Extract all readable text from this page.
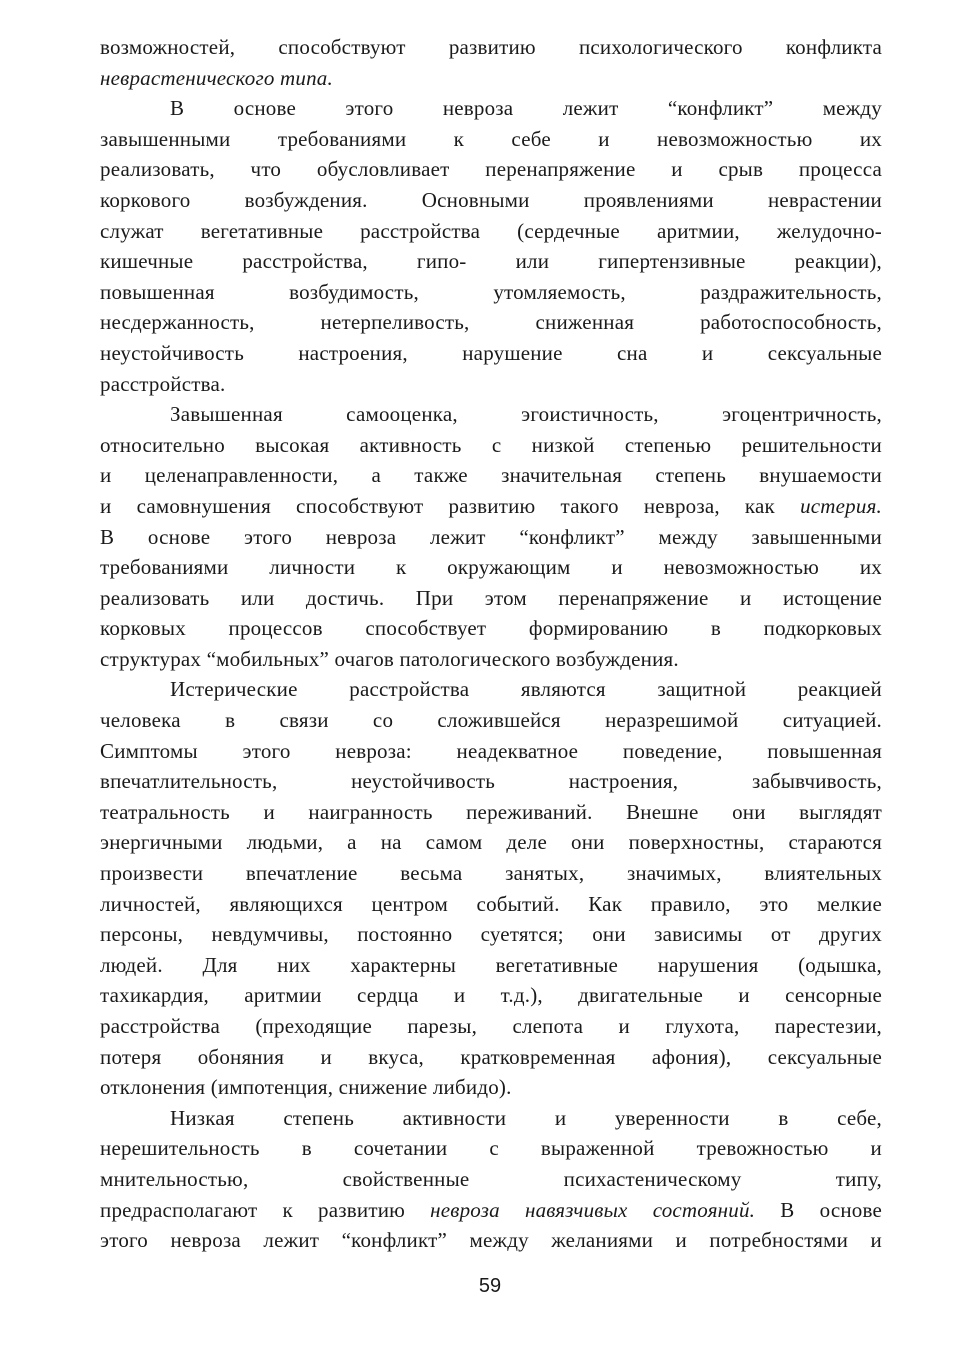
возможностей, способствуют развитию психологического конфликта
неврастенического типа.
В основе этого невроза лежит “конфликт” между
завышенными требованиями к себе и невозможностью их
реализовать, что обусловливает перенапряжение и срыв процесса
коркового возбуждения. Основными проявлениями неврастении
служат вегетативные расстройства (сердечные аритмии, желудочно-
кишечные расстройства, гипо- или гипертензивные реакции),
повышенная возбудимость, утомляемость, раздражительность,
несдержанность, нетерпеливость, сниженная работоспособность,
неустойчивость настроения, нарушение сна и сексуальные
расстройства.
Завышенная самооценка, эгоистичность, эгоцентричность,
относительно высокая активность с низкой степенью решительности
и целенаправленности, а также значительная степень внушаемости
и самовнушения способствуют развитию такого невроза, как истерия.
В основе этого невроза лежит “конфликт” между завышенными
требованиями личности к окружающим и невозможностью их
реализовать или достичь. При этом перенапряжение и истощение
корковых процессов способствует формированию в подкорковых
структурах “мобильных” очагов патологического возбуждения.
Истерические расстройства являются защитной реакцией
человека в связи со сложившейся неразрешимой ситуацией.
Симптомы этого невроза: неадекватное поведение, повышенная
впечатлительность, неустойчивость настроения, забывчивость,
театральность и наигранность переживаний. Внешне они выглядят
энергичными людьми, а на самом деле они поверхностны, стараются
произвести впечатление весьма занятых, значимых, влиятельных
личностей, являющихся центром событий. Как правило, это мелкие
персоны, невдумчивы, постоянно суетятся; они зависимы от других
людей. Для них характерны вегетативные нарушения (одышка,
тахикардия, аритмии сердца и т.д.), двигательные и сенсорные
расстройства (преходящие парезы, слепота и глухота, парестезии,
потеря обоняния и вкуса, кратковременная афония), сексуальные
отклонения (импотенция, снижение либидо).
Низкая степень активности и уверенности в себе,
нерешительность в сочетании с выраженной тревожностью и
мнительностью, свойственные психастеническому типу,
предрасполагают к развитию невроза навязчивых состояний. В основе
этого невроза лежит “конфликт” между желаниями и потребностями и

59
